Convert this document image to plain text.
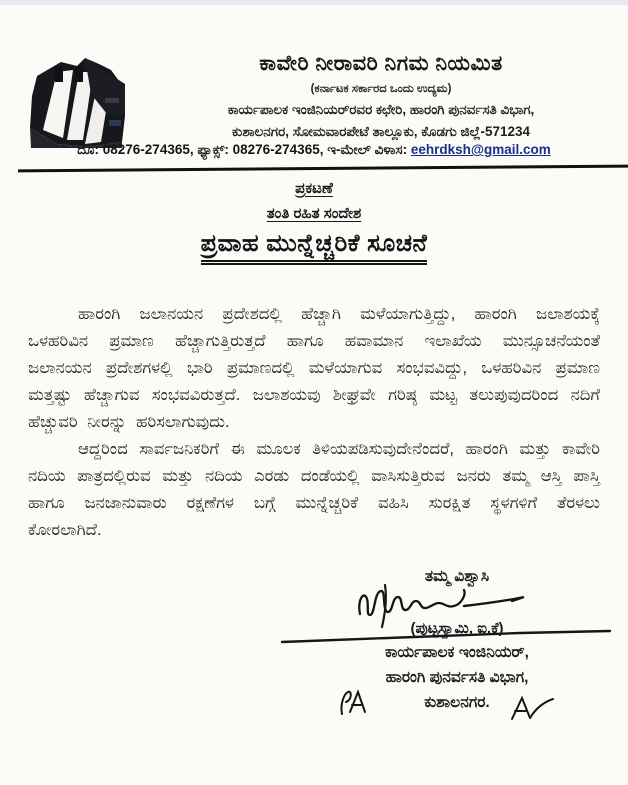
ಕಾವೇರಿ ನೀರಾವರಿ ನಿಗಮ ನಿಯಮಿತ
(ಕರ್ನಾಟಕ ಸರ್ಕಾರದ ಒಂದು ಉದ್ಯಮ)
ಕಾರ್ಯಪಾಲಕ ಇಂಜಿನಿಯರ್‌ರವರ ಕಛೇರಿ, ಹಾರಂಗಿ ಪುನರ್ವಸತಿ ವಿಭಾಗ,
ಕುಶಾಲನಗರ, ಸೋಮವಾರಪೇಟೆ ತಾಲ್ಲೂಕು, ಕೊಡಗು ಜಿಲ್ಲೆ-571234
ದೂ: 08276-274365, ಫ್ಯಾಕ್ಸ್: 08276-274365, ಇ-ಮೇಲ್ ವಿಳಾಸ: eehrdksh@gmail.com
ಪ್ರಕಟಣೆ
ತಂತಿ ರಹಿತ ಸಂದೇಶ
ಪ್ರವಾಹ ಮುನ್ನೆಚ್ಚರಿಕೆ ಸೂಚನೆ

ಹಾರಂಗಿ ಜಲಾನಯನ ಪ್ರದೇಶದಲ್ಲಿ ಹೆಚ್ಚಾಗಿ ಮಳೆಯಾಗುತ್ತಿದ್ದು, ಹಾರಂಗಿ ಜಲಾಶಯಕ್ಕೆ ಒಳಹರಿವಿನ ಪ್ರಮಾಣ ಹೆಚ್ಚಾಗುತ್ತಿರುತ್ತದೆ ಹಾಗೂ ಹವಾಮಾನ ಇಲಾಖೆಯ ಮುನ್ಸೂಚನೆಯಂತೆ ಜಲಾನಯನ ಪ್ರದೇಶಗಳಲ್ಲಿ ಭಾರಿ ಪ್ರಮಾಣದಲ್ಲಿ ಮಳೆಯಾಗುವ ಸಂಭವವಿದ್ದು, ಒಳಹರಿವಿನ ಪ್ರಮಾಣ ಮತ್ತಷ್ಟು ಹೆಚ್ಚಾಗುವ ಸಂಭವವಿರುತ್ತದೆ. ಜಲಾಶಯವು ಶೀಘ್ರವೇ ಗರಿಷ್ಠ ಮಟ್ಟ ತಲುಪುವುದರಿಂದ ನದಿಗೆ ಹೆಚ್ಚುವರಿ ನೀರನ್ನು ಹರಿಸಲಾಗುವುದು.

ಆದ್ದರಿಂದ ಸಾರ್ವಜನಿಕರಿಗೆ ಈ ಮೂಲಕ ತಿಳಿಯಪಡಿಸುವುದೇನೆಂದರೆ, ಹಾರಂಗಿ ಮತ್ತು ಕಾವೇರಿ ನದಿಯ ಪಾತ್ರದಲ್ಲಿರುವ ಮತ್ತು ನದಿಯ ಎರಡು ದಂಡೆಯಲ್ಲಿ ವಾಸಿಸುತ್ತಿರುವ ಜನರು ತಮ್ಮ ಆಸ್ತಿ ಪಾಸ್ತಿ ಹಾಗೂ ಜನಜಾನುವಾರು ರಕ್ಷಣೆಗಳ ಬಗ್ಗೆ ಮುನ್ನೆಚ್ಚರಿಕೆ ವಹಿಸಿ ಸುರಕ್ಷಿತ ಸ್ಥಳಗಳಿಗೆ ತೆರಳಲು ಕೋರಲಾಗಿದೆ.

ತಮ್ಮ ವಿಶ್ವಾಸಿ
(ಪುಟ್ಟಸ್ವಾಮಿ, ಐ.ಕೆ)
ಕಾರ್ಯಪಾಲಕ ಇಂಜಿನಿಯರ್,
ಹಾರಂಗಿ ಪುನರ್ವಸತಿ ವಿಭಾಗ,
ಕುಶಾಲನಗರ.
